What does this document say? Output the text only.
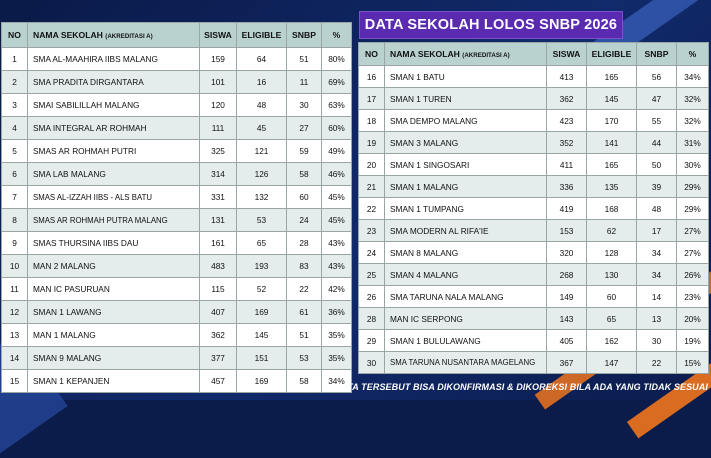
DATA SEKOLAH LOLOS SNBP 2026
NO	NAMA SEKOLAH (AKREDITASI A)	SISWA	ELIGIBLE	SNBP	%
1	SMA AL-MAAHIRA IIBS MALANG	159	64	51	80%
2	SMA PRADITA DIRGANTARA	101	16	11	69%
3	SMAI SABILILLAH MALANG	120	48	30	63%
4	SMA INTEGRAL AR ROHMAH	111	45	27	60%
5	SMAS AR ROHMAH PUTRI	325	121	59	49%
6	SMA LAB MALANG	314	126	58	46%
7	SMAS AL-IZZAH IIBS - ALS BATU	331	132	60	45%
8	SMAS AR ROHMAH PUTRA MALANG	131	53	24	45%
9	SMAS THURSINA IIBS DAU	161	65	28	43%
10	MAN 2 MALANG	483	193	83	43%
11	MAN IC PASURUAN	115	52	22	42%
12	SMAN 1 LAWANG	407	169	61	36%
13	MAN 1 MALANG	362	145	51	35%
14	SMAN 9 MALANG	377	151	53	35%
15	SMAN 1 KEPANJEN	457	169	58	34%
NO	NAMA SEKOLAH (AKREDITASI A)	SISWA	ELIGIBLE	SNBP	%
16	SMAN 1 BATU	413	165	56	34%
17	SMAN 1 TUREN	362	145	47	32%
18	SMA DEMPO MALANG	423	170	55	32%
19	SMAN 3 MALANG	352	141	44	31%
20	SMAN 1 SINGOSARI	411	165	50	30%
21	SMAN 1 MALANG	336	135	39	29%
22	SMAN 1 TUMPANG	419	168	48	29%
23	SMA MODERN AL RIFA'IE	153	62	17	27%
24	SMAN 8 MALANG	320	128	34	27%
25	SMAN 4 MALANG	268	130	34	26%
26	SMA TARUNA NALA MALANG	149	60	14	23%
28	MAN IC SERPONG	143	65	13	20%
29	SMAN 1 BULULAWANG	405	162	30	19%
30	SMA TARUNA NUSANTARA MAGELANG	367	147	22	15%
DATA TERSEBUT BISA DIKONFIRMASI & DIKOREKSI BILA ADA YANG TIDAK SESUAI
